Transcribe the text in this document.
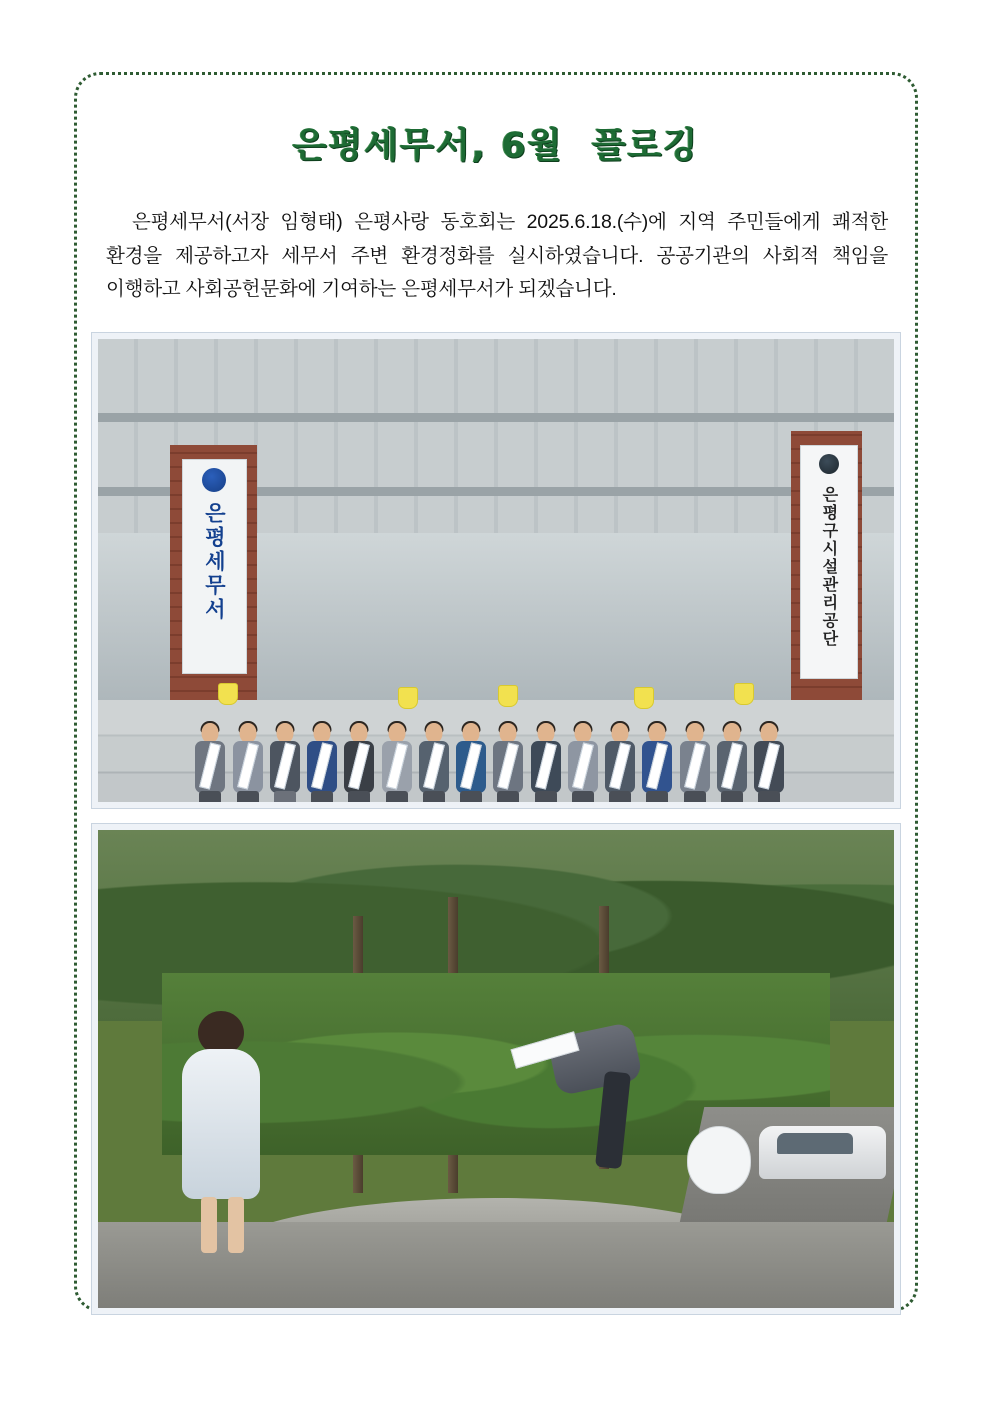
은평세무서, 6월  플로깅

은평세무서(서장 임형태) 은평사랑 동호회는 2025.6.18.(수)에 지역 주민들에게 쾌적한 환경을 제공하고자 세무서 주변 환경정화를 실시하였습니다. 공공기관의 사회적 책임을 이행하고 사회공헌문화에 기여하는 은평세무서가 되겠습니다.

은평세무서	은평구시설관리공단
